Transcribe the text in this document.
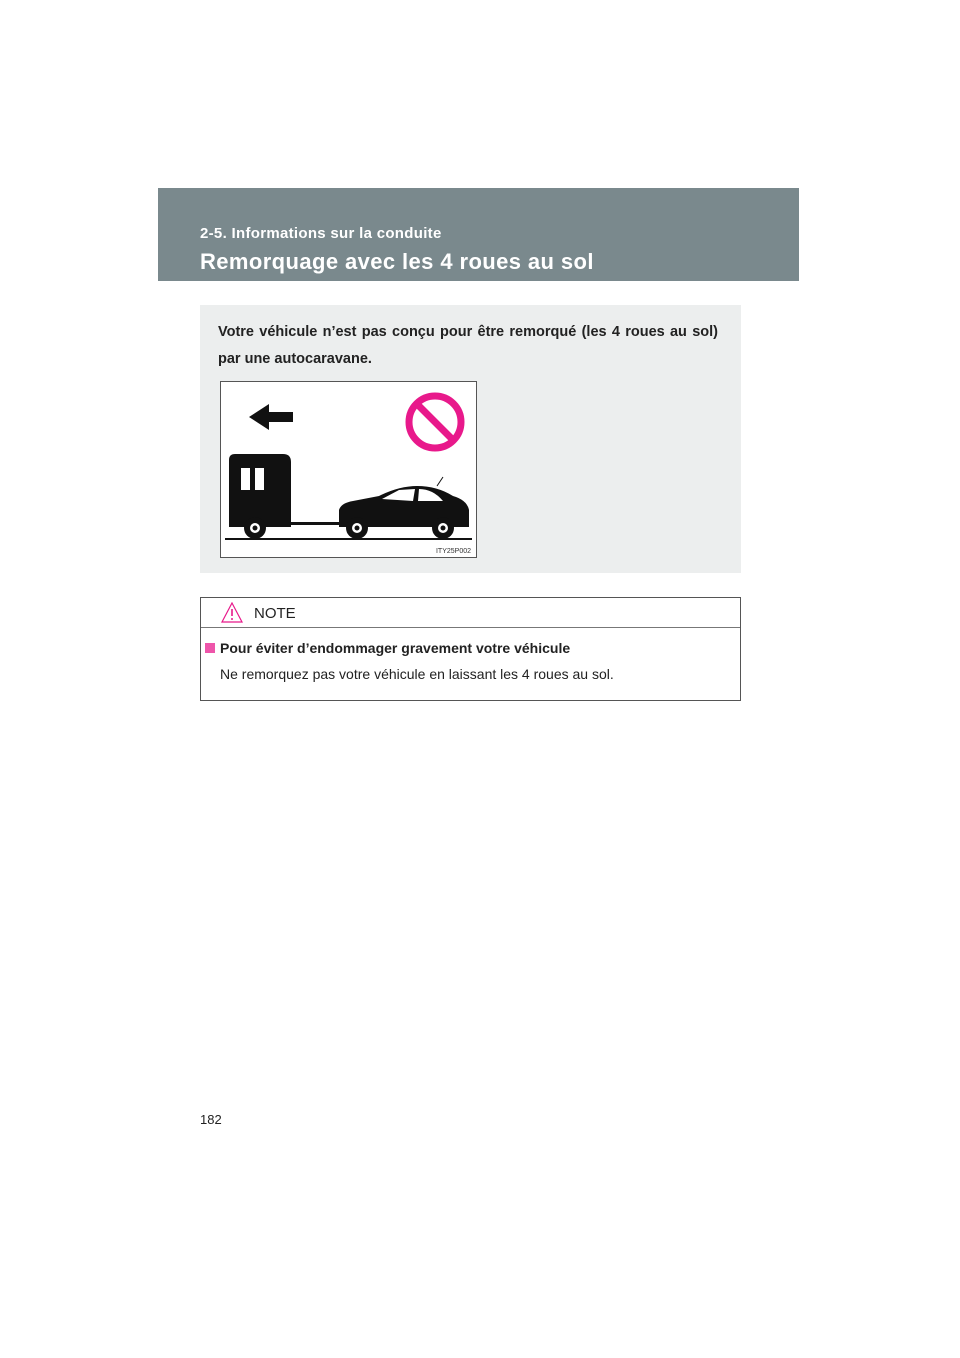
2-5. Informations sur la conduite
Remorquage avec les 4 roues au sol
Votre véhicule n’est pas conçu pour être remorqué (les 4 roues au sol) par une autocaravane.
ITY25P002
NOTE
Pour éviter d’endommager gravement votre véhicule
Ne remorquez pas votre véhicule en laissant les 4 roues au sol.
182
